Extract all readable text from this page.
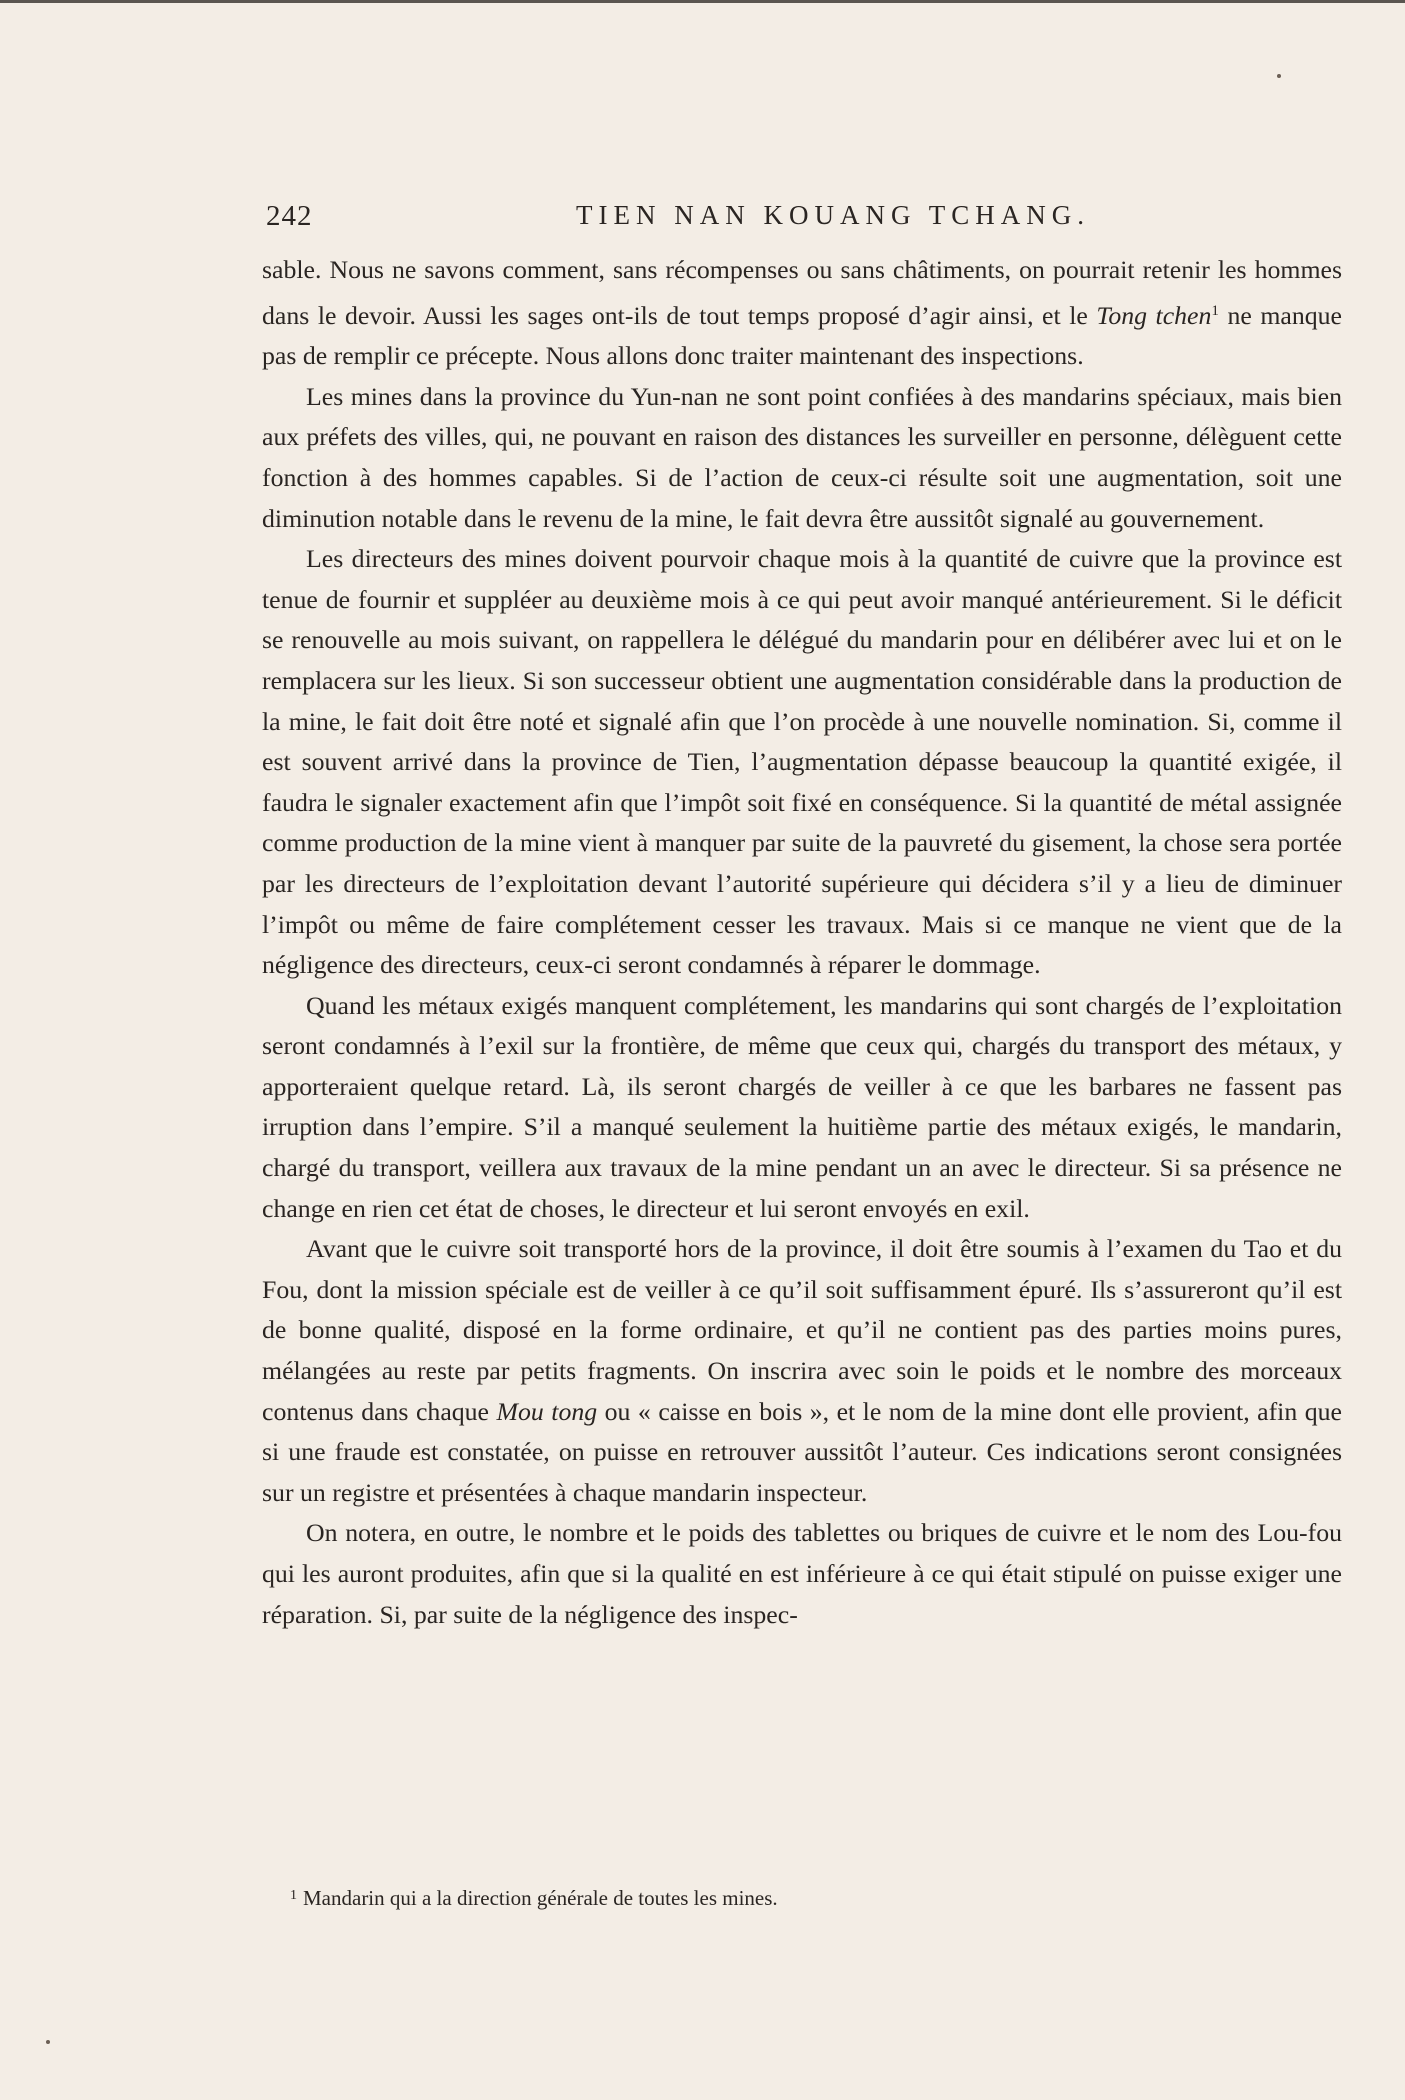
242	TIEN NAN KOUANG TCHANG.

sable. Nous ne savons comment, sans récompenses ou sans châtiments, on pourrait retenir les hommes dans le devoir. Aussi les sages ont-ils de tout temps proposé d’agir ainsi, et le Tong tchen$^1$ ne manque pas de remplir ce précepte. Nous allons donc traiter maintenant des inspections.

Les mines dans la province du Yun-nan ne sont point confiées à des mandarins spéciaux, mais bien aux préfets des villes, qui, ne pouvant en raison des distances les surveiller en personne, délèguent cette fonction à des hommes capables. Si de l’action de ceux-ci résulte soit une augmentation, soit une diminution notable dans le revenu de la mine, le fait devra être aussitôt signalé au gouvernement.

Les directeurs des mines doivent pourvoir chaque mois à la quantité de cuivre que la province est tenue de fournir et suppléer au deuxième mois à ce qui peut avoir manqué antérieurement. Si le déficit se renouvelle au mois suivant, on rappellera le délégué du mandarin pour en délibérer avec lui et on le remplacera sur les lieux. Si son successeur obtient une augmentation considérable dans la production de la mine, le fait doit être noté et signalé afin que l’on procède à une nouvelle nomination. Si, comme il est souvent arrivé dans la province de Tien, l’augmentation dépasse beaucoup la quantité exigée, il faudra le signaler exactement afin que l’impôt soit fixé en conséquence. Si la quantité de métal assignée comme production de la mine vient à manquer par suite de la pauvreté du gisement, la chose sera portée par les directeurs de l’exploitation devant l’autorité supérieure qui décidera s’il y a lieu de diminuer l’impôt ou même de faire complétement cesser les travaux. Mais si ce manque ne vient que de la négligence des directeurs, ceux-ci seront condamnés à réparer le dommage.

Quand les métaux exigés manquent complétement, les mandarins qui sont chargés de l’exploitation seront condamnés à l’exil sur la frontière, de même que ceux qui, chargés du transport des métaux, y apporteraient quelque retard. Là, ils seront chargés de veiller à ce que les barbares ne fassent pas irruption dans l’empire. S’il a manqué seulement la huitième partie des métaux exigés, le mandarin, chargé du transport, veillera aux travaux de la mine pendant un an avec le directeur. Si sa présence ne change en rien cet état de choses, le directeur et lui seront envoyés en exil.

Avant que le cuivre soit transporté hors de la province, il doit être soumis à l’examen du Tao et du Fou, dont la mission spéciale est de veiller à ce qu’il soit suffisamment épuré. Ils s’assureront qu’il est de bonne qualité, disposé en la forme ordinaire, et qu’il ne contient pas des parties moins pures, mélangées au reste par petits fragments. On inscrira avec soin le poids et le nombre des morceaux contenus dans chaque Mou tong ou « caisse en bois », et le nom de la mine dont elle provient, afin que si une fraude est constatée, on puisse en retrouver aussitôt l’auteur. Ces indications seront consignées sur un registre et présentées à chaque mandarin inspecteur.

On notera, en outre, le nombre et le poids des tablettes ou briques de cuivre et le nom des Lou-fou qui les auront produites, afin que si la qualité en est inférieure à ce qui était stipulé on puisse exiger une réparation. Si, par suite de la négligence des inspec-

$^1$ Mandarin qui a la direction générale de toutes les mines.
